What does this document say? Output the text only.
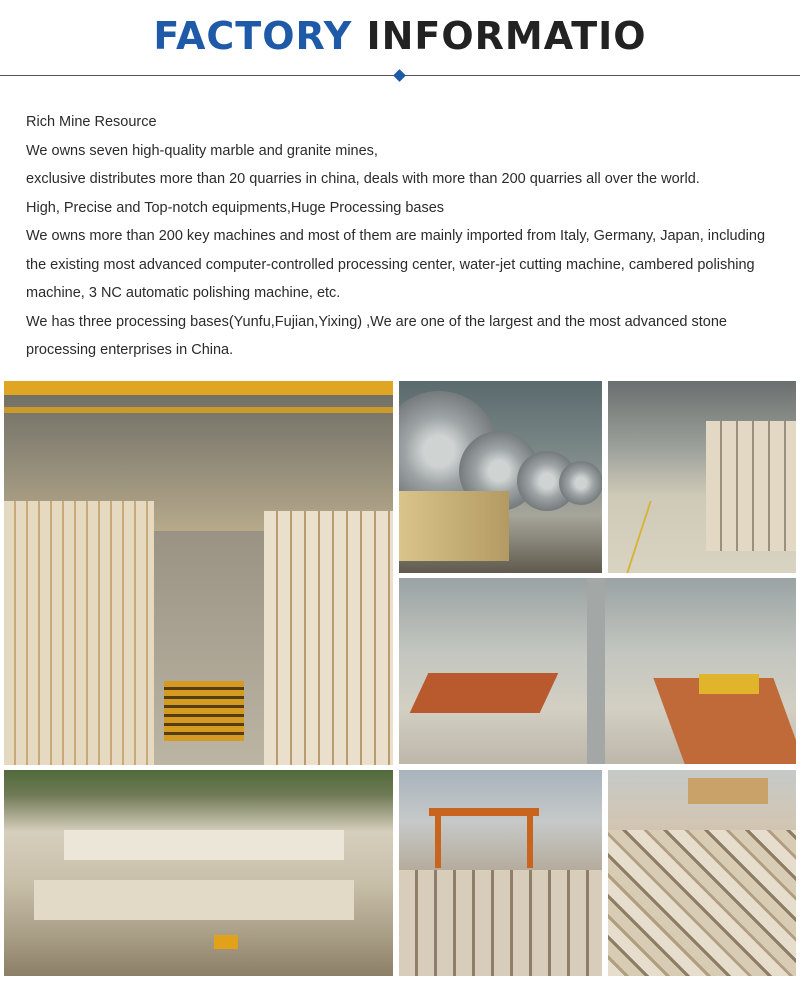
FACTORY INFORMATIO

Rich Mine Resource

We owns seven high-quality marble and granite mines,

exclusive distributes more than 20 quarries in china, deals with more than 200 quarries all over the world.

High, Precise and Top-notch equipments,Huge Processing bases

We owns more than 200 key machines and most of them are mainly imported from Italy, Germany, Japan, including

the existing most advanced computer-controlled processing center, water-jet cutting machine, cambered polishing

machine, 3 NC automatic polishing machine, etc.

We has three processing bases(Yunfu,Fujian,Yixing) ,We are one of the largest and the most advanced stone

processing enterprises in China.
